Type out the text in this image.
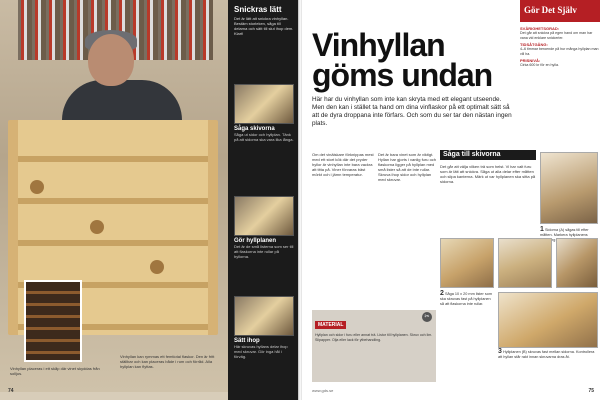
Vinhyllan placeras i ett skåp där vinet skyddas från solljus.
Vinhyllan kan rymmas ett femtiotal flaskor. Den är fritt ställbar och kan placeras både i rum och förråd. Alla hyllplan kan flyttas.
74
Snickras lätt
Det är lätt att snickra vinhyllan. Bestäm storleken, såga till delarna och sätt till slut ihop dem. Klart!
Såga skivorna
Såga ut sidor och hyllplan. Tänk på att sidorna ska vara lika långa.
Gör hyllplanen
Det är de små listerna som ser till att flaskorna inte rullar på hyllorna.
Sätt ihop
Här skruvas hyllans delar ihop med skruvar. Gör inga hål i förväg.
Gör Det Själv
SVÅRIGHETSGRAD:
Det går att snickra på egen hand om man har vana vid enklare snickerier.
TIDSÅTGÅNG:
4–6 timmar beroende på hur många hyllplan man vill ha.
PRISNIVÅ:
Cirka 600 kr för en hylla.
Vinhyllan göms undan
Här har du vinhyllan som inte kan skryta med ett elegant utseende. Men den kan i stället ta hand om dina vinflaskor på ett optimalt sätt så att de dyra droppana inte förfars. Och som du ser tar den nästan ingen plats.
Om det vinälskare förknippas mest med ett stort kök där det pryder hyllor är vinhyllan inte bara vackra att titta på. Viner förvaras bäst mörkt och i jämn temperatur.
Det är bara vinet som är viktigt. Hyllan har gjorts i vanlig furu och flaskorna ligger på hyllplan med små lister så att de inte rullar. Skruva ihop sidor och hyllplan med skruvar.
Såga till skivorna
Det går att välja vilken trä som helst. Vi har valt furu som är lätt att snickra. Såga ut alla delar efter måtten och slipa kanterna. Märk ut var hyllplanen ska sitta på sidorna.
MATERIAL
✂
Hyllplan och sidor i furu eller annat trä. Listor till hyllplanen. Skruv och lim. Slipapper. Olja eller lack för ytbehandling.
1 Sidorna (A) sågas till efter måtten. Markera hyllplanens
2 Såga 10 x 20 mm lister som ska skruvas fast på hyllplanen så att flaskorna inte rullar.
3 Hyllplanen (B) skruvas fast mellan sidorna. Kontrollera att hyllan står rakt innan skruvarna dras åt.
www.gds.se	75
